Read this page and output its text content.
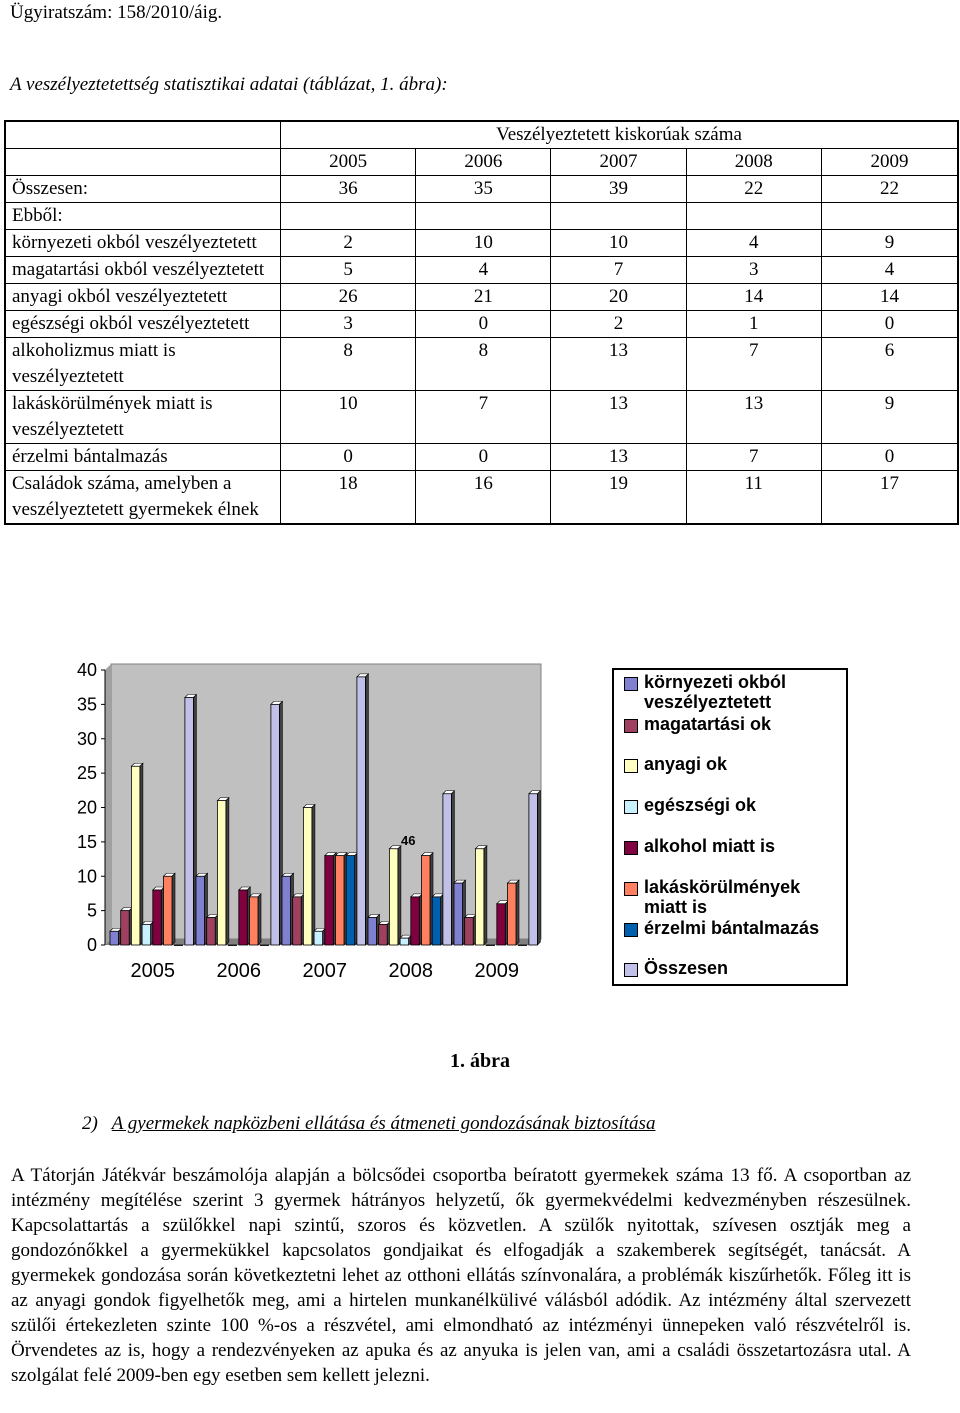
Ügyiratszám: 158/2010/áig.
A veszélyeztetettség statisztikai adatai (táblázat, 1. ábra):
	Veszélyeztetett kiskorúak száma				
	2005	2006	2007	2008	2009
Összesen:	36	35	39	22	22
Ebből:					
környezeti okból veszélyeztetett	2	10	10	4	9
magatartási okból veszélyeztetett	5	4	7	3	4
anyagi okból veszélyeztetett	26	21	20	14	14
egészségi okból veszélyeztetett	3	0	2	1	0
alkoholizmus miatt is veszélyeztetett	8	8	13	7	6
lakáskörülmények miatt is veszélyeztetett	10	7	13	13	9
érzelmi bántalmazás	0	0	13	7	0
Családok száma, amelyben a veszélyeztetett gyermekek élnek	18	16	19	11	17
0
5
10
15
20
25
30
35
40
2005 2006 2007 2008 2009
46
környezeti okból veszélyeztetett
magatartási ok
anyagi ok
egészségi ok
alkohol miatt is
lakáskörülmények miatt is
érzelmi bántalmazás
Összesen
1. ábra
2) A gyermekek napközbeni ellátása és átmeneti gondozásának biztosítása
A Tátorján Játékvár beszámolója alapján a bölcsődei csoportba beíratott gyermekek száma 13 fő. A csoportban az intézmény megítélése szerint 3 gyermek hátrányos helyzetű, ők gyermekvédelmi kedvezményben részesülnek. Kapcsolattartás a szülőkkel napi szintű, szoros és közvetlen. A szülők nyitottak, szívesen osztják meg a gondozónőkkel a gyermekükkel kapcsolatos gondjaikat és elfogadják a szakemberek segítségét, tanácsát. A gyermekek gondozása során következtetni lehet az otthoni ellátás színvonalára, a problémák kiszűrhetők. Főleg itt is az anyagi gondok figyelhetők meg, ami a hirtelen munkanélkülivé válásból adódik. Az intézmény által szervezett szülői értekezleten szinte 100 %-os a részvétel, ami elmondható az intézményi ünnepeken való részvételről is. Örvendetes az is, hogy a rendezvényeken az apuka és az anyuka is jelen van, ami a családi összetartozásra utal. A szolgálat felé 2009-ben egy esetben sem kellett jelezni.
